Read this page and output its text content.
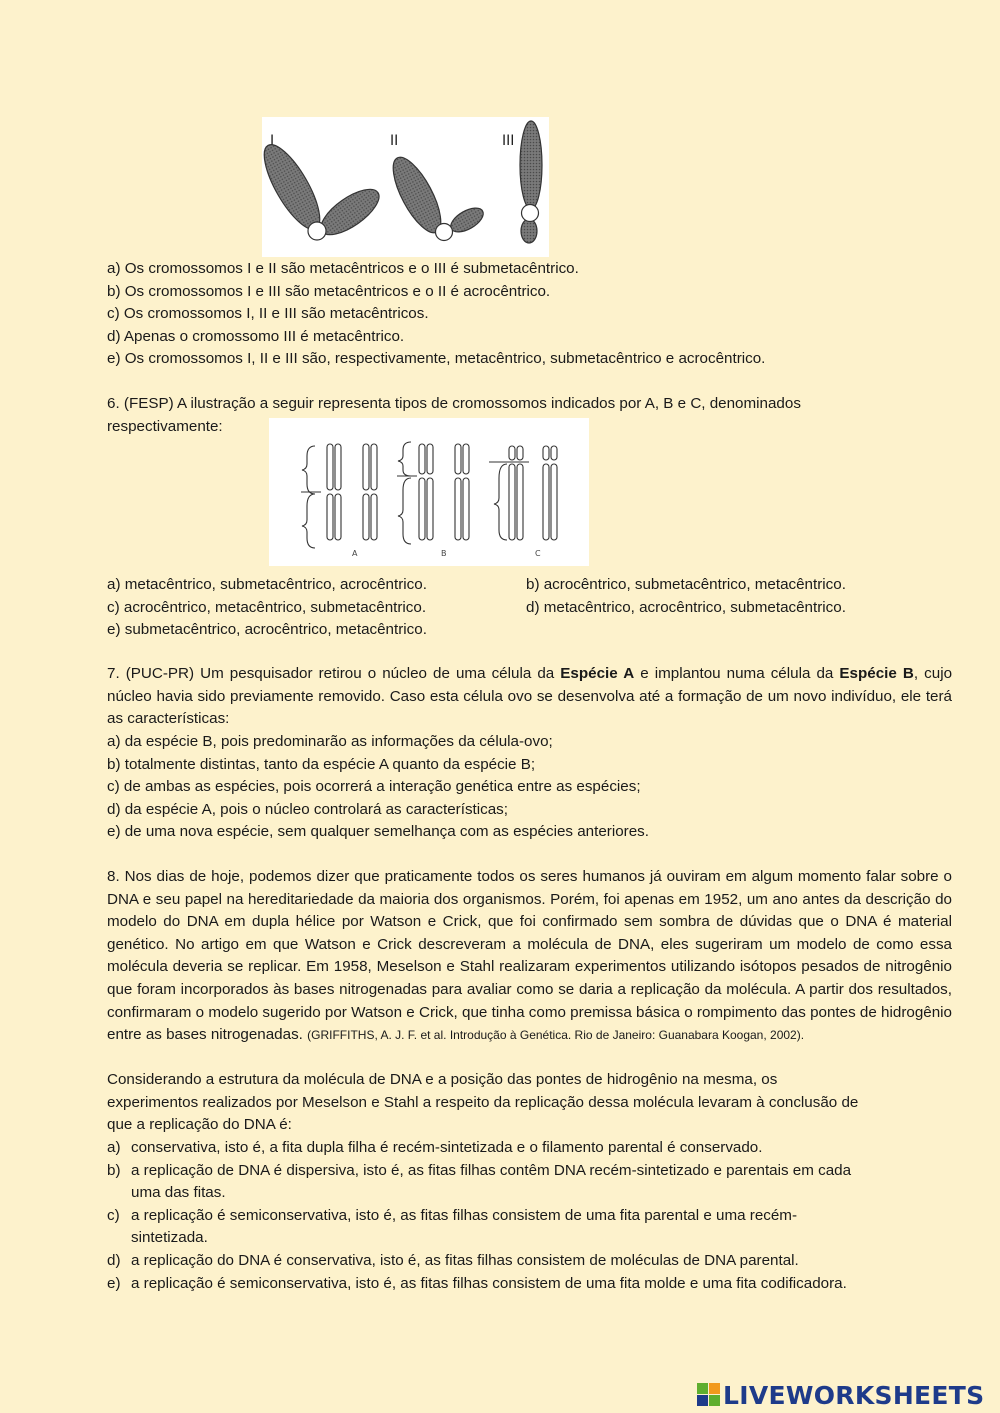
I	II	III
a) Os cromossomos I e II são metacêntricos e o III é submetacêntrico.
b) Os cromossomos I e III são metacêntricos e o II é acrocêntrico.
c) Os cromossomos I, II e III são metacêntricos.
d) Apenas o cromossomo III é metacêntrico.
e) Os cromossomos I, II e III são, respectivamente, metacêntrico, submetacêntrico e acrocêntrico.
6. (FESP) A ilustração a seguir representa tipos de cromossomos indicados por A, B e C, denominados
respectivamente:
A	B	C
a) metacêntrico, submetacêntrico, acrocêntrico.	b) acrocêntrico, submetacêntrico, metacêntrico.
c) acrocêntrico, metacêntrico, submetacêntrico.	d) metacêntrico, acrocêntrico, submetacêntrico.
e) submetacêntrico, acrocêntrico, metacêntrico.
7. (PUC-PR) Um pesquisador retirou o núcleo de uma célula da Espécie A e implantou numa célula da Espécie B, cujo núcleo havia sido previamente removido. Caso esta célula ovo se desenvolva até a formação de um novo indivíduo, ele terá as características:
a) da espécie B, pois predominarão as informações da célula-ovo;
b) totalmente distintas, tanto da espécie A quanto da espécie B;
c) de ambas as espécies, pois ocorrerá a interação genética entre as espécies;
d) da espécie A, pois o núcleo controlará as características;
e) de uma nova espécie, sem qualquer semelhança com as espécies anteriores.
8. Nos dias de hoje, podemos dizer que praticamente todos os seres humanos já ouviram em algum momento falar sobre o DNA e seu papel na hereditariedade da maioria dos organismos. Porém, foi apenas em 1952, um ano antes da descrição do modelo do DNA em dupla hélice por Watson e Crick, que foi confirmado sem sombra de dúvidas que o DNA é material genético. No artigo em que Watson e Crick descreveram a molécula de DNA, eles sugeriram um modelo de como essa molécula deveria se replicar. Em 1958, Meselson e Stahl realizaram experimentos utilizando isótopos pesados de nitrogênio que foram incorporados às bases nitrogenadas para avaliar como se daria a replicação da molécula. A partir dos resultados, confirmaram o modelo sugerido por Watson e Crick, que tinha como premissa básica o rompimento das pontes de hidrogênio entre as bases nitrogenadas. (GRIFFITHS, A. J. F. et al. Introdução à Genética. Rio de Janeiro: Guanabara Koogan, 2002).
Considerando a estrutura da molécula de DNA e a posição das pontes de hidrogênio na mesma, os
experimentos realizados por Meselson e Stahl a respeito da replicação dessa molécula levaram à conclusão de
que a replicação do DNA é:
a) conservativa, isto é, a fita dupla filha é recém-sintetizada e o filamento parental é conservado.
b) a replicação de DNA é dispersiva, isto é, as fitas filhas contêm DNA recém-sintetizado e parentais em cada
uma das fitas.
c) a replicação é semiconservativa, isto é, as fitas filhas consistem de uma fita parental e uma recém-
sintetizada.
d) a replicação do DNA é conservativa, isto é, as fitas filhas consistem de moléculas de DNA parental.
e) a replicação é semiconservativa, isto é, as fitas filhas consistem de uma fita molde e uma fita codificadora.
LIVEWORKSHEETS
